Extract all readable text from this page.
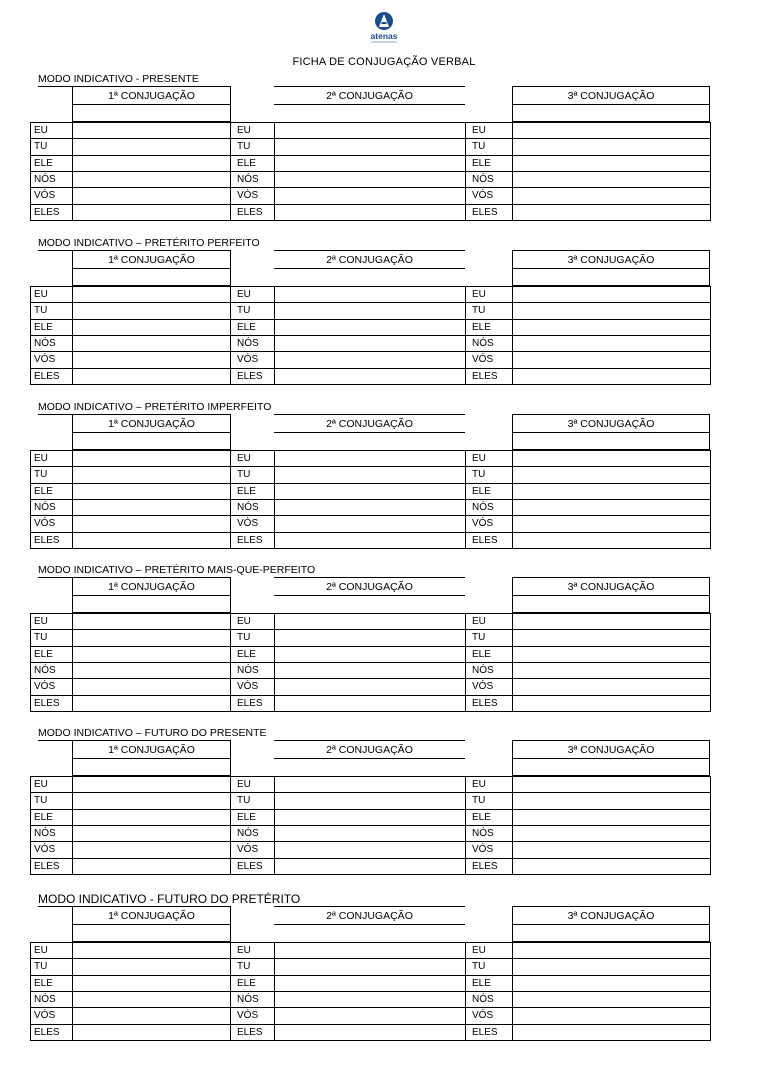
atenas
FICHA DE CONJUGAÇÃO VERBAL
MODO INDICATIVO - PRESENTE
1ª CONJUGAÇÃO	2ª CONJUGAÇÃO	3ª CONJUGAÇÃO
EU	EU	EU
TU	TU	TU
ELE	ELE	ELE
NÓS	NÓS	NÓS
VÓS	VÓS	VÓS
ELES	ELES	ELES
MODO INDICATIVO – PRETÉRITO PERFEITO
1ª CONJUGAÇÃO	2ª CONJUGAÇÃO	3ª CONJUGAÇÃO
EU	EU	EU
TU	TU	TU
ELE	ELE	ELE
NÓS	NÓS	NÓS
VÓS	VÓS	VÓS
ELES	ELES	ELES
MODO INDICATIVO – PRETÉRITO IMPERFEITO
1ª CONJUGAÇÃO	2ª CONJUGAÇÃO	3ª CONJUGAÇÃO
EU	EU	EU
TU	TU	TU
ELE	ELE	ELE
NÓS	NÓS	NÓS
VÓS	VÓS	VÓS
ELES	ELES	ELES
MODO INDICATIVO – PRETÉRITO MAIS-QUE-PERFEITO
1ª CONJUGAÇÃO	2ª CONJUGAÇÃO	3ª CONJUGAÇÃO
EU	EU	EU
TU	TU	TU
ELE	ELE	ELE
NÓS	NÓS	NÓS
VÓS	VÓS	VÓS
ELES	ELES	ELES
MODO INDICATIVO – FUTURO DO PRESENTE
1ª CONJUGAÇÃO	2ª CONJUGAÇÃO	3ª CONJUGAÇÃO
EU	EU	EU
TU	TU	TU
ELE	ELE	ELE
NÓS	NÓS	NÓS
VÓS	VÓS	VÓS
ELES	ELES	ELES
MODO INDICATIVO - FUTURO DO PRETÉRITO
1ª CONJUGAÇÃO	2ª CONJUGAÇÃO	3ª CONJUGAÇÃO
EU	EU	EU
TU	TU	TU
ELE	ELE	ELE
NÓS	NÓS	NÓS
VÓS	VÓS	VÓS
ELES	ELES	ELES
